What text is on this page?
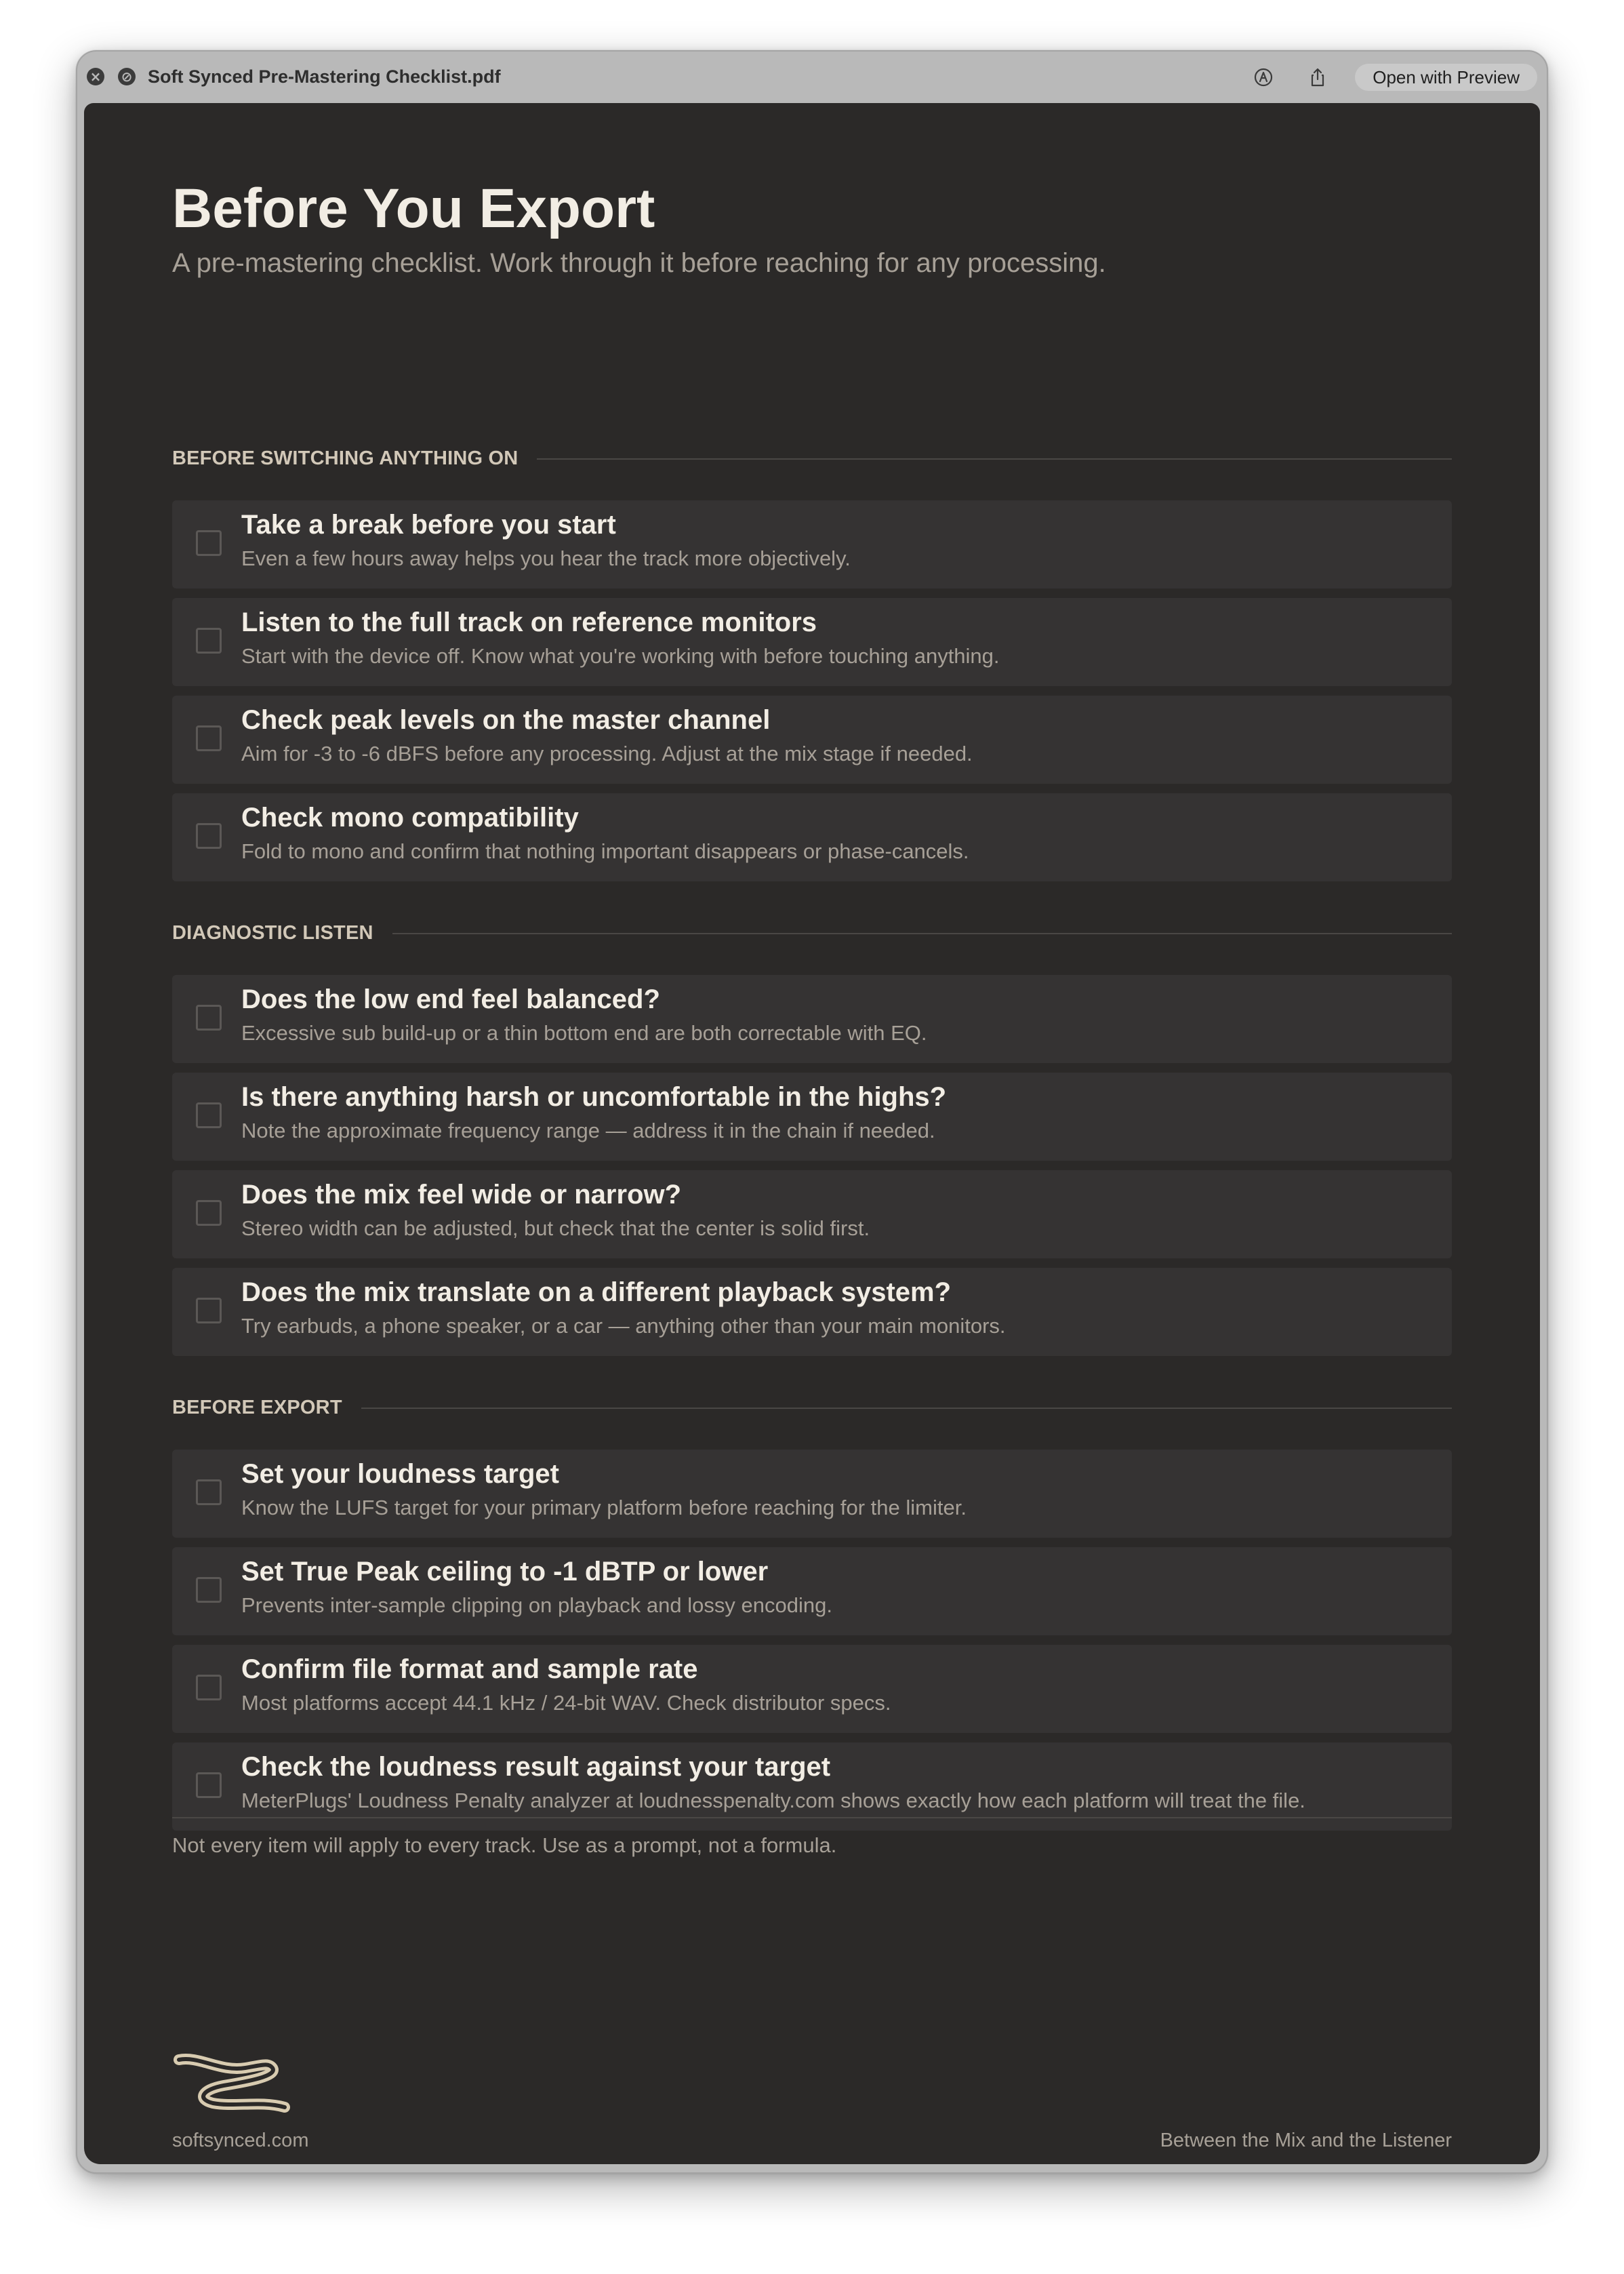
× ⊘ Soft Synced Pre-Mastering Checklist.pdf	Open with Preview
Before You Export
A pre-mastering checklist. Work through it before reaching for any processing.
BEFORE SWITCHING ANYTHING ON
Take a break before you start
Even a few hours away helps you hear the track more objectively.
Listen to the full track on reference monitors
Start with the device off. Know what you're working with before touching anything.
Check peak levels on the master channel
Aim for -3 to -6 dBFS before any processing. Adjust at the mix stage if needed.
Check mono compatibility
Fold to mono and confirm that nothing important disappears or phase-cancels.
DIAGNOSTIC LISTEN
Does the low end feel balanced?
Excessive sub build-up or a thin bottom end are both correctable with EQ.
Is there anything harsh or uncomfortable in the highs?
Note the approximate frequency range — address it in the chain if needed.
Does the mix feel wide or narrow?
Stereo width can be adjusted, but check that the center is solid first.
Does the mix translate on a different playback system?
Try earbuds, a phone speaker, or a car — anything other than your main monitors.
BEFORE EXPORT
Set your loudness target
Know the LUFS target for your primary platform before reaching for the limiter.
Set True Peak ceiling to -1 dBTP or lower
Prevents inter-sample clipping on playback and lossy encoding.
Confirm file format and sample rate
Most platforms accept 44.1 kHz / 24-bit WAV. Check distributor specs.
Check the loudness result against your target
MeterPlugs' Loudness Penalty analyzer at loudnesspenalty.com shows exactly how each platform will treat the file.
Not every item will apply to every track. Use as a prompt, not a formula.
softsynced.com	Between the Mix and the Listener
